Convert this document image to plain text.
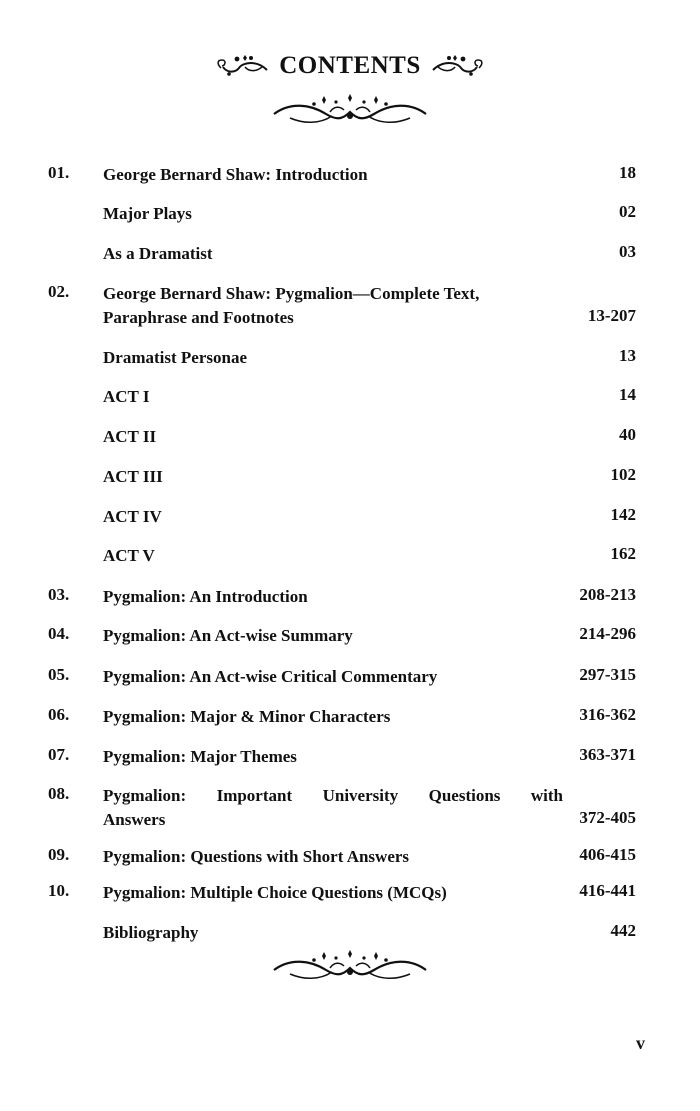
CONTENTS
01. George Bernard Shaw: Introduction	18
Major Plays	02
As a Dramatist	03
02. George Bernard Shaw: Pygmalion—Complete Text,
Paraphrase and Footnotes	13-207
Dramatist Personae	13
ACT I	14
ACT II	40
ACT III	102
ACT IV	142
ACT V	162
03. Pygmalion: An Introduction	208-213
04. Pygmalion: An Act-wise Summary	214-296
05. Pygmalion: An Act-wise Critical Commentary	297-315
06. Pygmalion: Major & Minor Characters	316-362
07. Pygmalion: Major Themes	363-371
08. Pygmalion: Important University Questions with
Answers	372-405
09. Pygmalion: Questions with Short Answers	406-415
10. Pygmalion: Multiple Choice Questions (MCQs)	416-441
Bibliography	442
v
